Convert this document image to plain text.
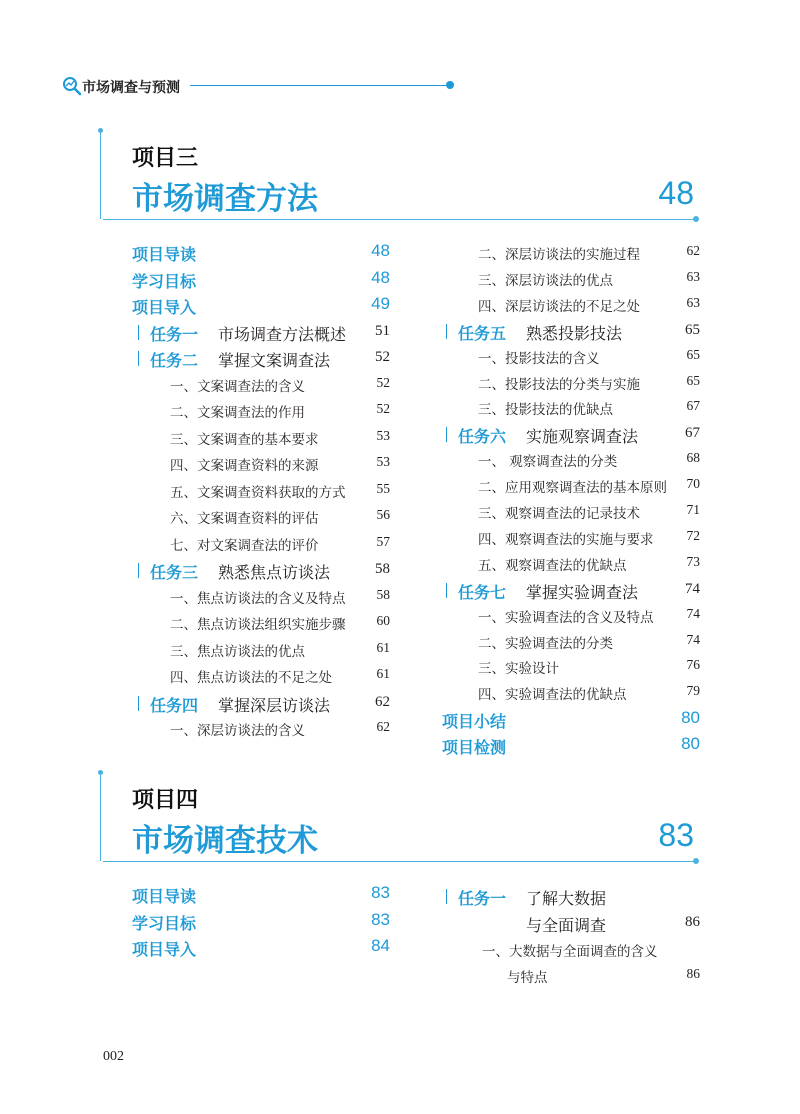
市场调查与预测
项目三
市场调查方法	48
项目导读	48
学习目标	48
项目导入	49
任务一 市场调查方法概述 51
任务二 掌握文案调查法	52
一、文案调查法的含义	52
二、文案调查法的作用	52
三、文案调查的基本要求	53
四、文案调查资料的来源	53
五、文案调查资料获取的方式 55
六、文案调查资料的评估	56
七、对文案调查法的评价	57
任务三 熟悉焦点访谈法	58
一、焦点访谈法的含义及特点 58
二、焦点访谈法组织实施步骤 60
三、焦点访谈法的优点	61
四、焦点访谈法的不足之处	61
任务四 掌握深层访谈法	62
一、深层访谈法的含义	62
二、深层访谈法的实施过程	62
三、深层访谈法的优点	63
四、深层访谈法的不足之处	63
任务五 熟悉投影技法	65
一、投影技法的含义	65
二、投影技法的分类与实施	65
三、投影技法的优缺点	67
任务六 实施观察调查法	67
一、 观察调查法的分类	68
二、应用观察调查法的基本原则 70
三、观察调查法的记录技术	71
四、观察调查法的实施与要求 72
五、观察调查法的优缺点	73
任务七 掌握实验调查法	74
一、实验调查法的含义及特点 74
二、实验调查法的分类	74
三、实验设计	76
四、实验调查法的优缺点	79
项目小结	80
项目检测	80
项目四
市场调查技术	83
项目导读	83
学习目标	83
项目导入	84
任务一 了解大数据
与全面调查	86
一、大数据与全面调查的含义
与特点	86
002
